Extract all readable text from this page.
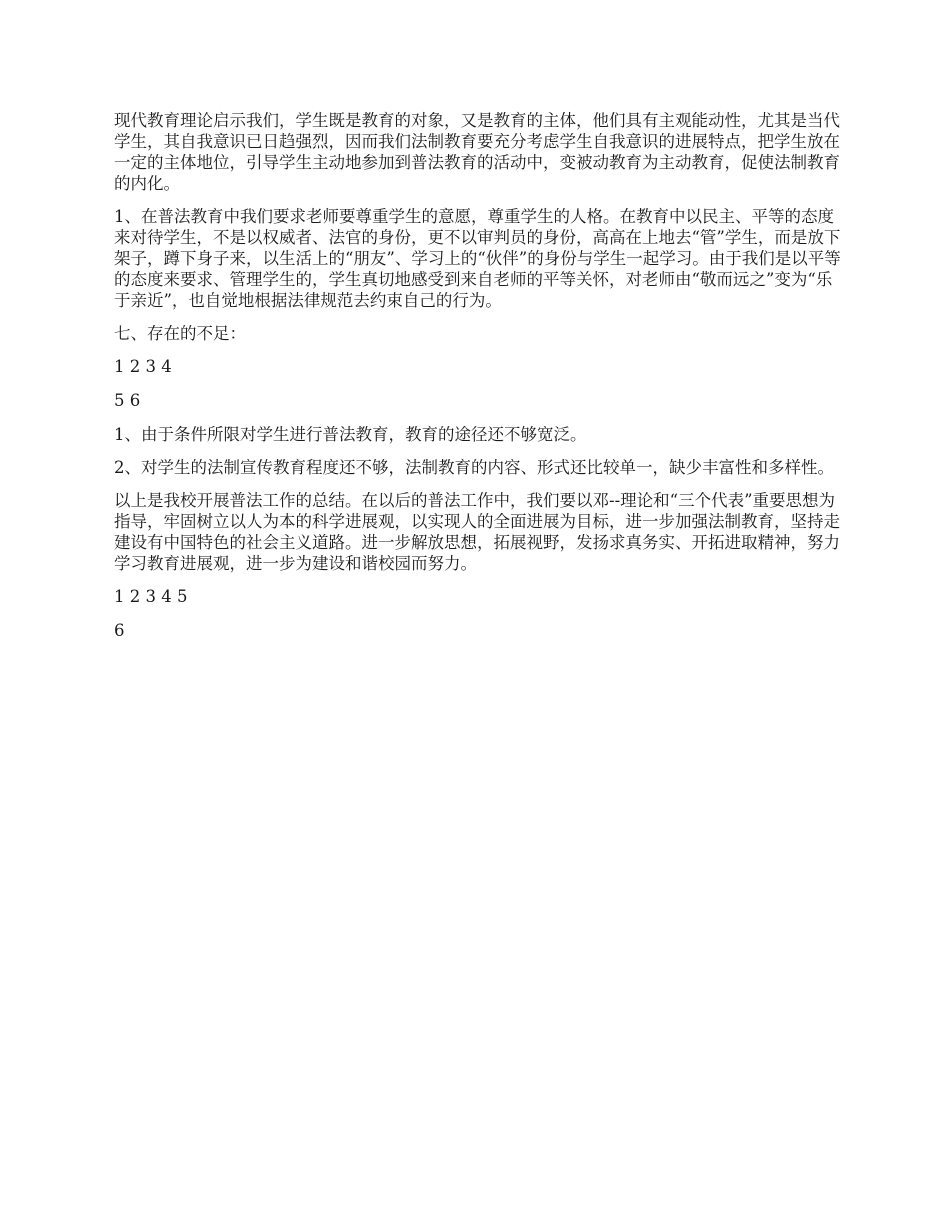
现代教育理论启示我们，学生既是教育的对象，又是教育的主体，他们具有主观能动性，尤其是当代学生，其自我意识已日趋强烈，因而我们法制教育要充分考虑学生自我意识的进展特点，把学生放在一定的主体地位，引导学生主动地参加到普法教育的活动中，变被动教育为主动教育，促使法制教育的内化。

1、在普法教育中我们要求老师要尊重学生的意愿，尊重学生的人格。在教育中以民主、平等的态度来对待学生，不是以权威者、法官的身份，更不以审判员的身份，高高在上地去“管”学生，而是放下架子，蹲下身子来，以生活上的“朋友”、学习上的“伙伴”的身份与学生一起学习。由于我们是以平等的态度来要求、管理学生的，学生真切地感受到来自老师的平等关怀，对老师由“敬而远之”变为“乐于亲近”，也自觉地根据法律规范去约束自己的行为。

七、存在的不足：

1 2 3 4

5 6

1、由于条件所限对学生进行普法教育，教育的途径还不够宽泛。

2、对学生的法制宣传教育程度还不够，法制教育的内容、形式还比较单一，缺少丰富性和多样性。

以上是我校开展普法工作的总结。在以后的普法工作中，我们要以邓--理论和“三个代表”重要思想为指导，牢固树立以人为本的科学进展观，以实现人的全面进展为目标，进一步加强法制教育，坚持走建设有中国特色的社会主义道路。进一步解放思想，拓展视野，发扬求真务实、开拓进取精神，努力学习教育进展观，进一步为建设和谐校园而努力。

1 2 3 4 5

6
